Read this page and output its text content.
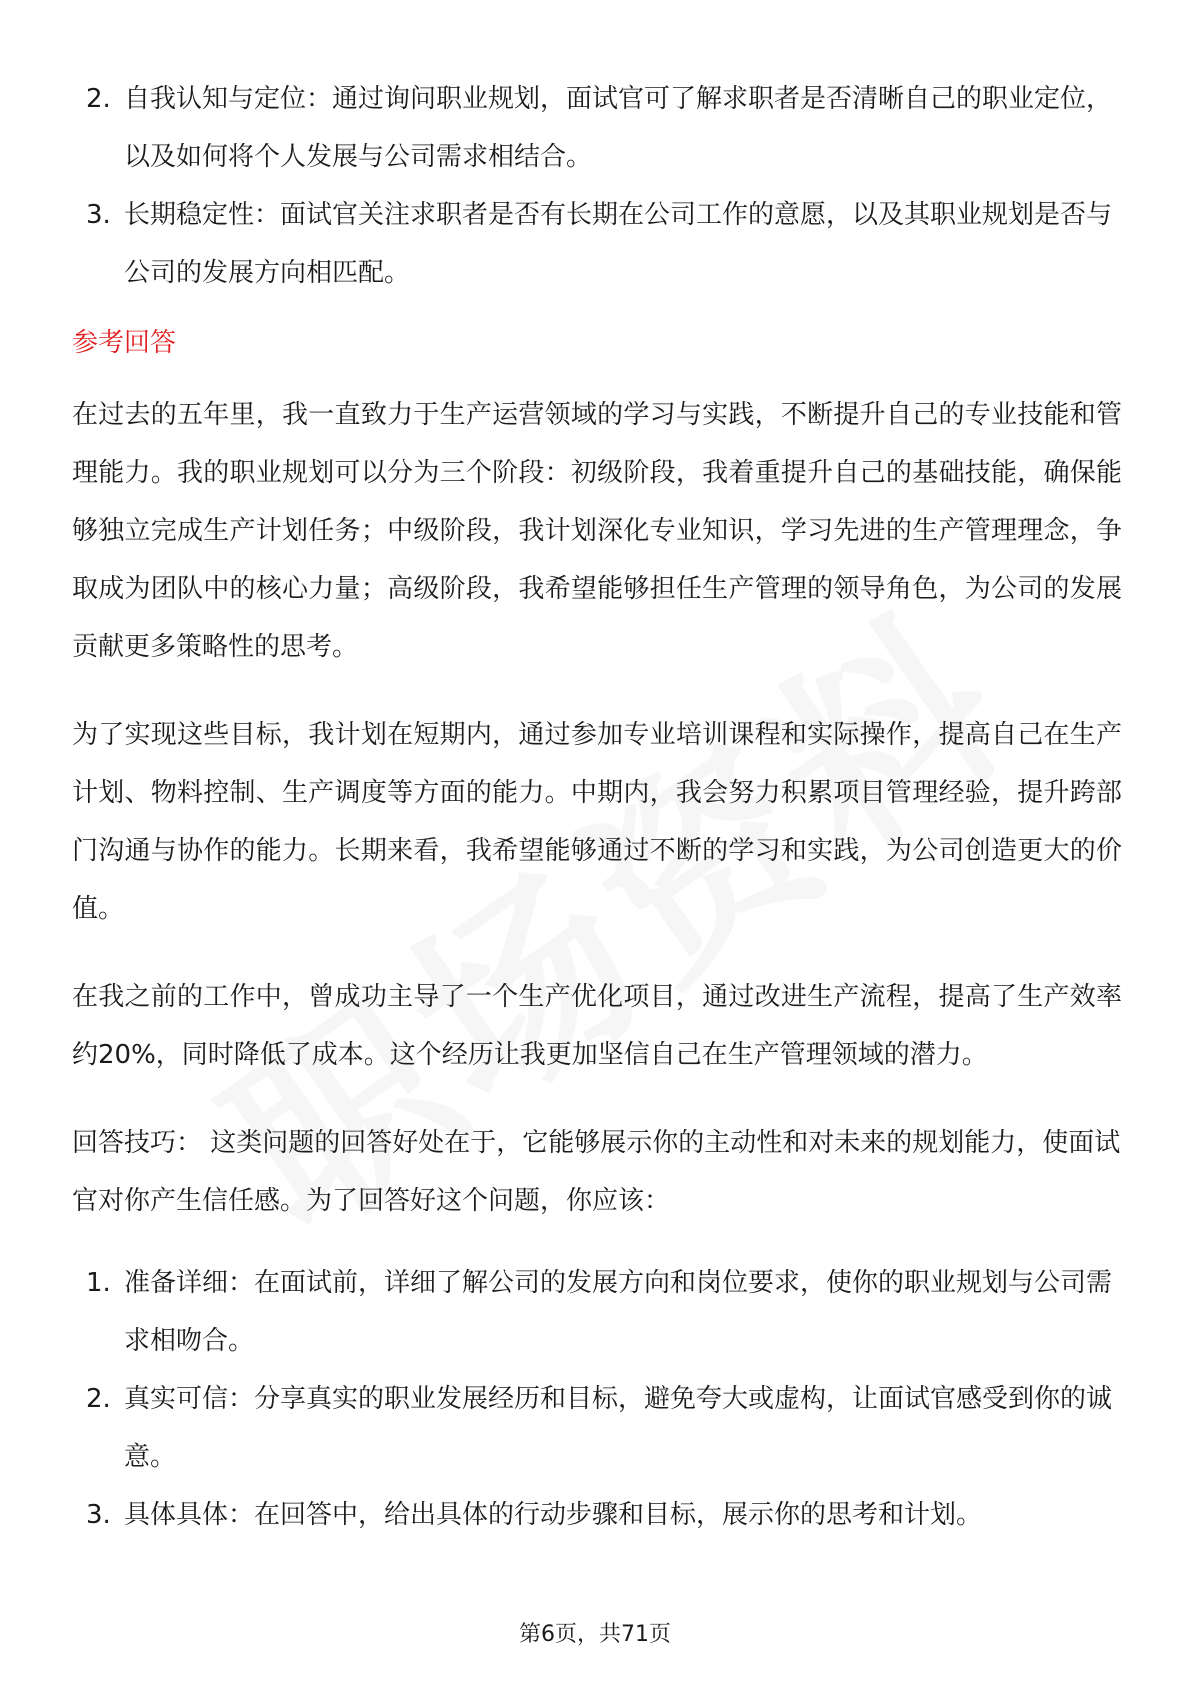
2. 自我认知与定位：通过询问职业规划，面试官可了解求职者是否清晰自己的职业定位，以及如何将个人发展与公司需求相结合。
3. 长期稳定性：面试官关注求职者是否有长期在公司工作的意愿，以及其职业规划是否与公司的发展方向相匹配。
参考回答

在过去的五年里，我一直致力于生产运营领域的学习与实践，不断提升自己的专业技能和管理能力。我的职业规划可以分为三个阶段：初级阶段，我着重提升自己的基础技能，确保能够独立完成生产计划任务；中级阶段，我计划深化专业知识，学习先进的生产管理理念，争取成为团队中的核心力量；高级阶段，我希望能够担任生产管理的领导角色，为公司的发展贡献更多策略性的思考。

为了实现这些目标，我计划在短期内，通过参加专业培训课程和实际操作，提高自己在生产计划、物料控制、生产调度等方面的能力。中期内，我会努力积累项目管理经验，提升跨部门沟通与协作的能力。长期来看，我希望能够通过不断的学习和实践，为公司创造更大的价值。

在我之前的工作中，曾成功主导了一个生产优化项目，通过改进生产流程，提高了生产效率约20%，同时降低了成本。这个经历让我更加坚信自己在生产管理领域的潜力。

回答技巧： 这类问题的回答好处在于，它能够展示你的主动性和对未来的规划能力，使面试官对你产生信任感。为了回答好这个问题，你应该：

1. 准备详细：在面试前，详细了解公司的发展方向和岗位要求，使你的职业规划与公司需求相吻合。
2. 真实可信：分享真实的职业发展经历和目标，避免夸大或虚构，让面试官感受到你的诚意。
3. 具体具体：在回答中，给出具体的行动步骤和目标，展示你的思考和计划。
第6页，共71页
